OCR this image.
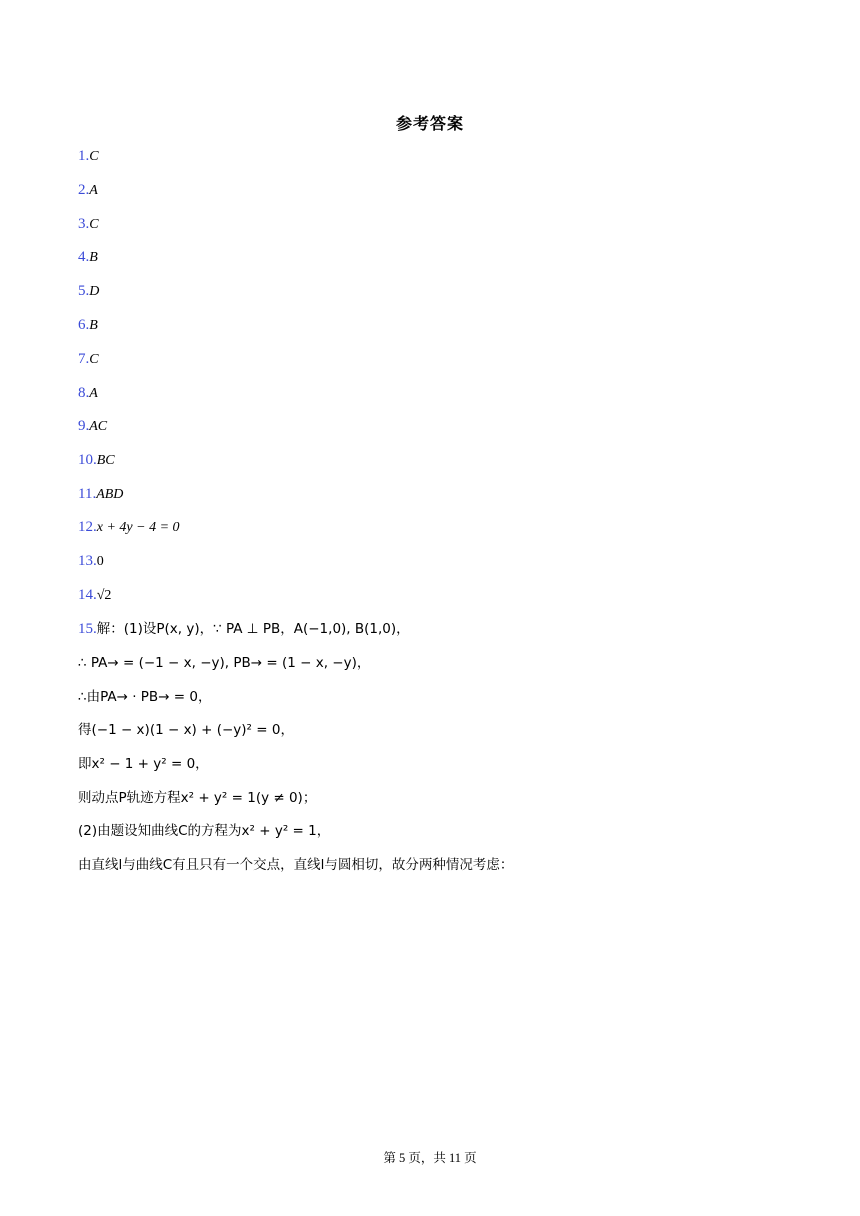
参考答案
1.C
2.A
3.C
4.B
5.D
6.B
7.C
8.A
9.AC
10.BC
11.ABD
12.x + 4y − 4 = 0
13.0
14.√2
15.解：(1)设P(x, y)，∵ PA ⊥ PB，A(−1,0), B(1,0)，
∴ PA→ = (−1 − x, −y), PB→ = (1 − x, −y)，
∴由PA→ · PB→ = 0，
得(−1 − x)(1 − x) + (−y)² = 0，
即x² − 1 + y² = 0，
则动点P轨迹方程x² + y² = 1(y ≠ 0)；
(2)由题设知曲线C的方程为x² + y² = 1，
由直线l与曲线C有且只有一个交点，直线l与圆相切，故分两种情况考虑：
第 5 页，共 11 页
